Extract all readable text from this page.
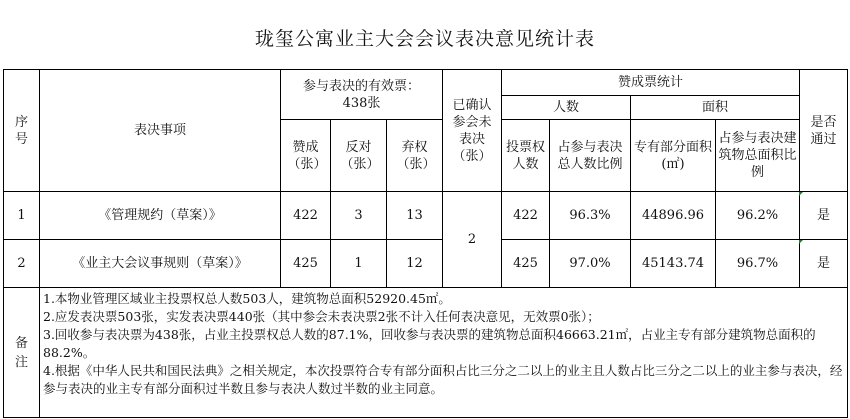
珑玺公寓业主大会会议表决意见统计表
序号	表决事项	参与表决的有效票：438张			已确认参会未表决（张）	赞成票统计				是否通过
						人数		面积		
		赞成（张）	反对（张）	弃权（张）		投票权人数	占参与表决总人数比例	专有部分面积(㎡)	占参与表决建筑物总面积比例	
1	《管理规约（草案）》	422	3	13	2	422	96.3%	44896.96	96.2%	是
2	《业主大会议事规则（草案）》	425	1	12		425	97.0%	45143.74	96.7%	是
备注	1.本物业管理区域业主投票权总人数503人，建筑物总面积52920.45㎡。
2.应发表决票503张，实发表决票440张（其中参会未表决票2张不计入任何表决意见，无效票0张）；
3.回收参与表决票为438张，占业主投票权总人数的87.1%，回收参与表决票的建筑物总面积46663.21㎡，占业主专有部分建筑物总面积的88.2%。
4.根据《中华人民共和国民法典》之相关规定，本次投票符合专有部分面积占比三分之二以上的业主且人数占比三分之二以上的业主参与表决，经参与表决的业主专有部分面积过半数且参与表决人数过半数的业主同意。									
